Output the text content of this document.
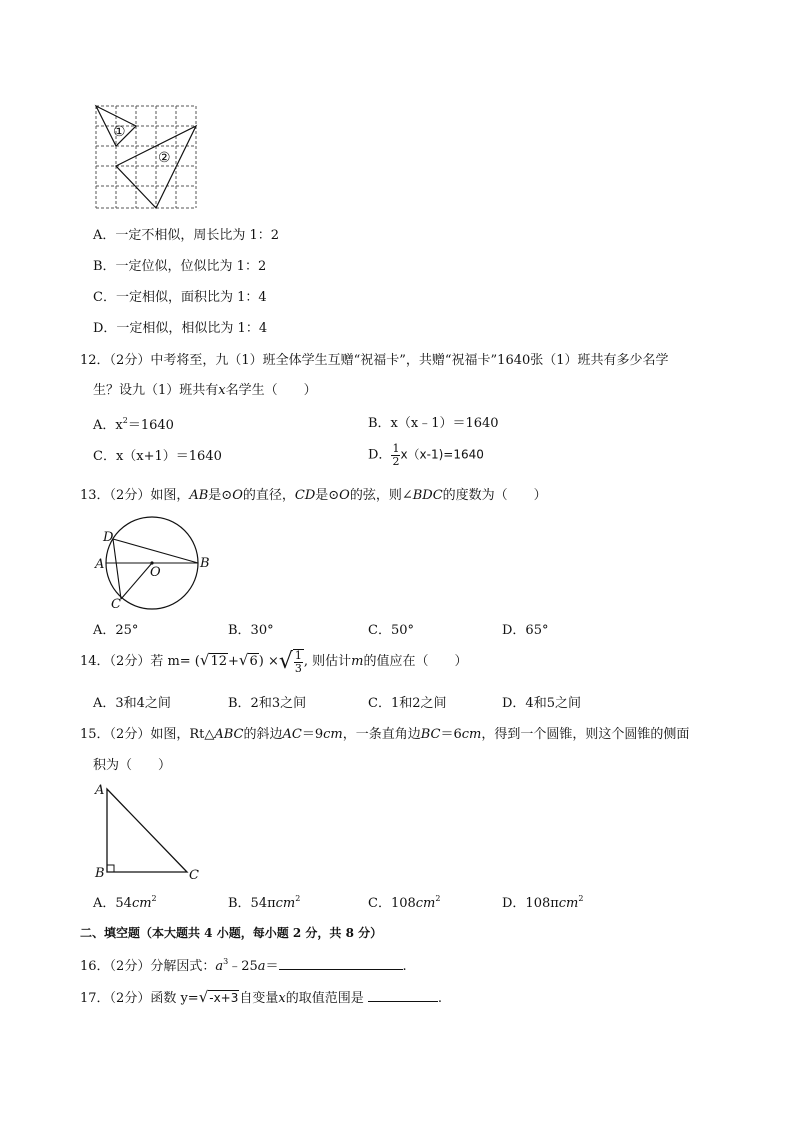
①
②
A．一定不相似，周长比为 1：2
B．一定位似，位似比为 1：2
C．一定相似，面积比为 1：4
D．一定相似，相似比为 1：4
12．（2分）中考将至，九（1）班全体学生互赠“祝福卡”，共赠“祝福卡”1640张（1）班共有多少名学
生？设九（1）班共有x名学生（　　）
A．$x^2=1640$	B．x（x﹣1）＝1640
C．x（x+1）＝1640	D． $\frac{1}{2} x(x-1)=1640$
13．（2分）如图，AB是⊙O的直径，CD是⊙O的弦，则∠BDC的度数为（　　）
D
A
O
B
C
A．25°	B．30°	C．50°	D．65°
14．（2分）若 m= (√12+√6) ×√ $\frac{1}{3}$ , 则估计m的值应在（　　）
A．3和4之间	B．2和3之间	C．1和2之间	D．4和5之间
15．（2分）如图，Rt△ABC的斜边AC＝9cm，一条直角边BC＝6cm，得到一个圆锥，则这个圆锥的侧面
积为（　　）
A
B	C
A．$54cm^2$	B．54πcm$^2$	C．$108cm^2$	D．108πcm$^2$
二、填空题（本大题共 4 小题，每小题 2 分，共 8 分）
16．（2分）分解因式：$a^3﹣25a=$	.
17．（2分）函数 y=√-x+3自变量x的取值范围是	.
